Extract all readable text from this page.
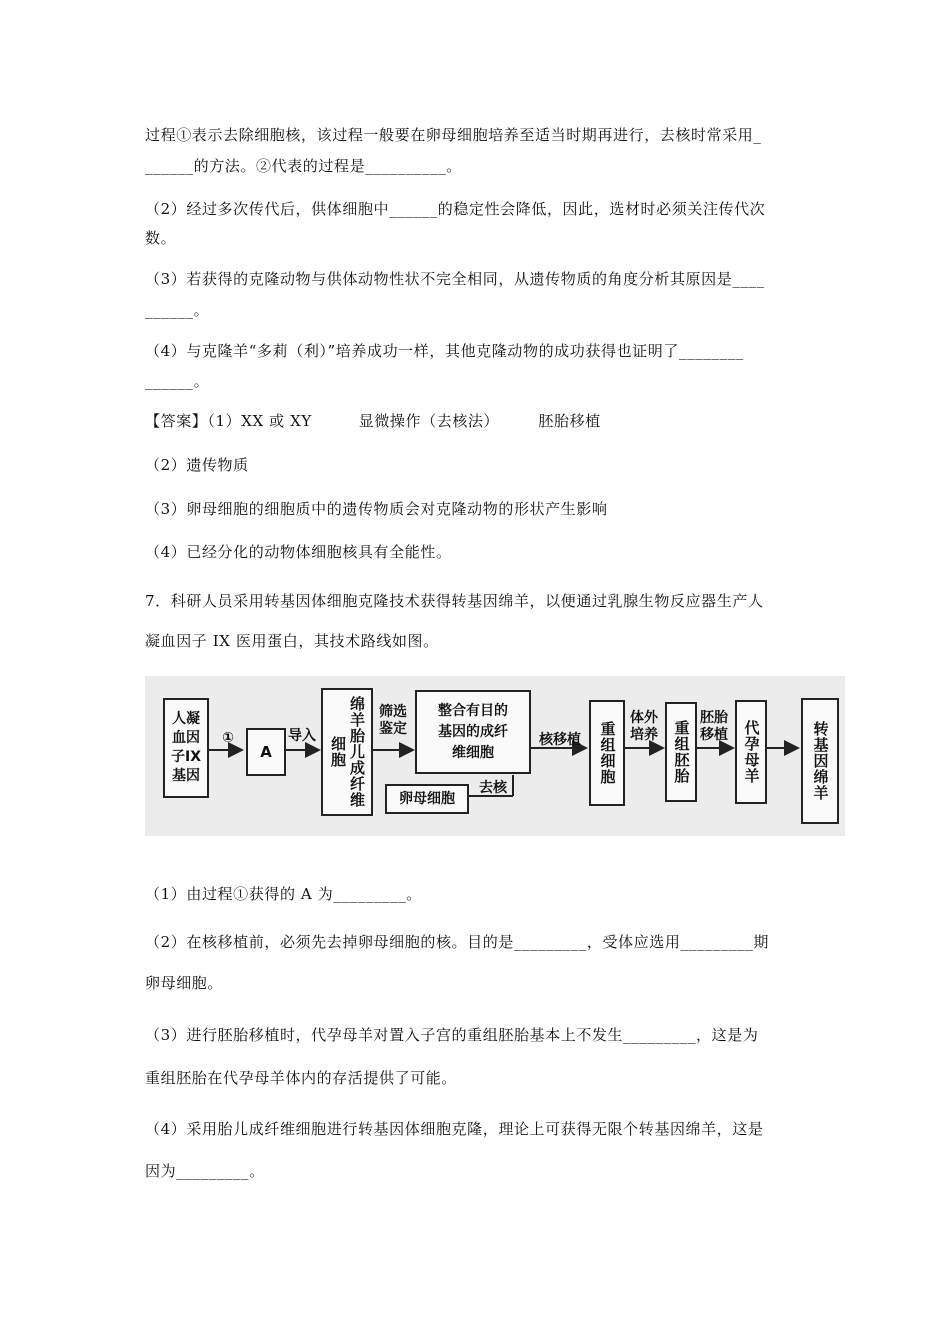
过程①表示去除细胞核，该过程一般要在卵母细胞培养至适当时期再进行，去核时常采用_
______的方法。②代表的过程是__________。
（2）经过多次传代后，供体细胞中______的稳定性会降低，因此，选材时必须关注传代次
数。
（3）若获得的克隆动物与供体动物性状不完全相同，从遗传物质的角度分析其原因是____
______。
（4）与克隆羊“多莉（利）”培养成功一样，其他克隆动物的成功获得也证明了________
______。
【答案】（1）XX 或 XY　　　显微操作（去核法）　　　胚胎移植
（2）遗传物质
（3）卵母细胞的细胞质中的遗传物质会对克隆动物的形状产生影响
（4）已经分化的动物体细胞核具有全能性。
7．科研人员采用转基因体细胞克隆技术获得转基因绵羊，以便通过乳腺生物反应器生产人
凝血因子 IX 医用蛋白，其技术路线如图。
人凝
血因
子IX
基因
①
A
导入	绵羊胎儿成纤维细胞
筛选
鉴定
整合有目的
基因的成纤
维细胞
卵母细胞
去核
核移植 重组细胞
体外
培养 重组胚胎
胚胎
移植 代孕母羊	转基因绵羊
（1）由过程①获得的 A 为_________。
（2）在核移植前，必须先去掉卵母细胞的核。目的是_________，受体应选用_________期
卵母细胞。
（3）进行胚胎移植时，代孕母羊对置入子宫的重组胚胎基本上不发生_________，这是为
重组胚胎在代孕母羊体内的存活提供了可能。
（4）采用胎儿成纤维细胞进行转基因体细胞克隆，理论上可获得无限个转基因绵羊，这是
因为_________。
